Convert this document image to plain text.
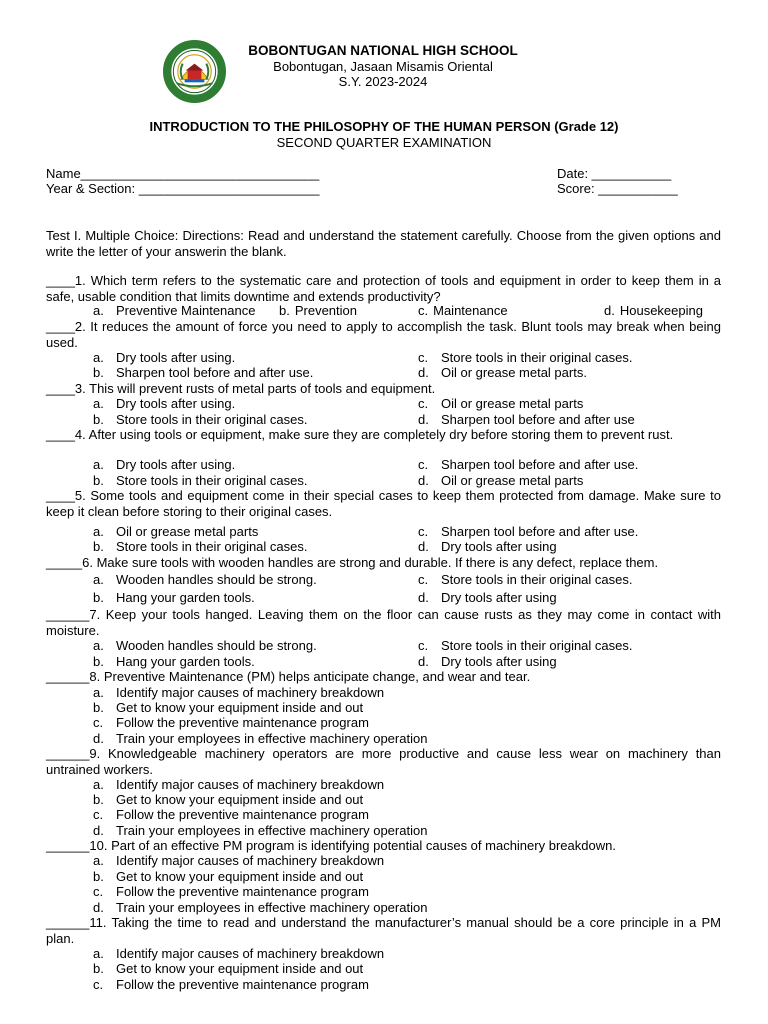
BOBONTUGAN NATIONAL HIGH SCHOOL
Bobontugan, Jasaan Misamis Oriental
S.Y. 2023-2024
INTRODUCTION TO THE PHILOSOPHY OF THE HUMAN PERSON (Grade 12)
SECOND QUARTER EXAMINATION
Name_________________________________
Year & Section: _________________________
Date: ___________
Score: ___________
Test I. Multiple Choice: Directions: Read and understand the statement carefully. Choose from the given options and write the letter of your answerin the blank.
____1. Which term refers to the systematic care and protection of tools and equipment in order to keep them in a safe, usable condition that limits downtime and extends productivity?
a. Preventive Maintenance b. Prevention	c. Maintenance	d. Housekeeping
____2. It reduces the amount of force you need to apply to accomplish the task. Blunt tools may break when being used.
a. Dry tools after using.	c. Store tools in their original cases.
b. Sharpen tool before and after use.	d. Oil or grease metal parts.
____3. This will prevent rusts of metal parts of tools and equipment.
a. Dry tools after using.	c. Oil or grease metal parts
b. Store tools in their original cases.	d. Sharpen tool before and after use
____4. After using tools or equipment, make sure they are completely dry before storing them to prevent rust.
a. Dry tools after using.	c. Sharpen tool before and after use.
b. Store tools in their original cases.	d. Oil or grease metal parts
____5. Some tools and equipment come in their special cases to keep them protected from damage. Make sure to keep it clean before storing to their original cases.
a. Oil or grease metal parts	c. Sharpen tool before and after use.
b. Store tools in their original cases.	d. Dry tools after using
_____6. Make sure tools with wooden handles are strong and durable. If there is any defect, replace them.
a. Wooden handles should be strong.	c. Store tools in their original cases.
b. Hang your garden tools.	d. Dry tools after using
______7. Keep your tools hanged. Leaving them on the floor can cause rusts as they may come in contact with moisture.
a. Wooden handles should be strong.	c. Store tools in their original cases.
b. Hang your garden tools.	d. Dry tools after using
______8. Preventive Maintenance (PM) helps anticipate change, and wear and tear.
a. Identify major causes of machinery breakdown
b. Get to know your equipment inside and out
c. Follow the preventive maintenance program
d. Train your employees in effective machinery operation
______9. Knowledgeable machinery operators are more productive and cause less wear on machinery than untrained workers.
a. Identify major causes of machinery breakdown
b. Get to know your equipment inside and out
c. Follow the preventive maintenance program
d. Train your employees in effective machinery operation
______10. Part of an effective PM program is identifying potential causes of machinery breakdown.
a. Identify major causes of machinery breakdown
b. Get to know your equipment inside and out
c. Follow the preventive maintenance program
d. Train your employees in effective machinery operation
______11. Taking the time to read and understand the manufacturer’s manual should be a core principle in a PM plan.
a. Identify major causes of machinery breakdown
b. Get to know your equipment inside and out
c. Follow the preventive maintenance program
